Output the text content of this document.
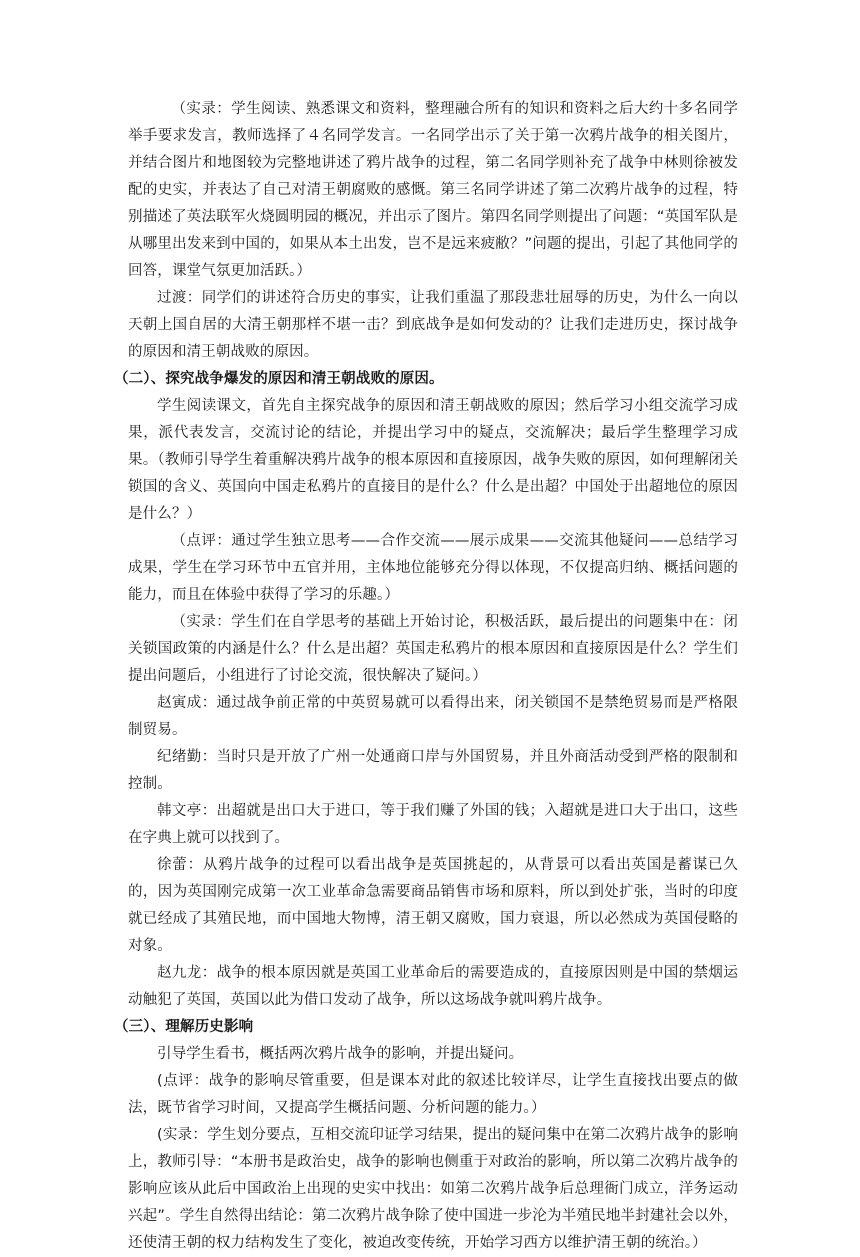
（实录：学生阅读、熟悉课文和资料，整理融合所有的知识和资料之后大约十多名同学举手要求发言，教师选择了４名同学发言。一名同学出示了关于第一次鸦片战争的相关图片，并结合图片和地图较为完整地讲述了鸦片战争的过程，第二名同学则补充了战争中林则徐被发配的史实，并表达了自己对清王朝腐败的感慨。第三名同学讲述了第二次鸦片战争的过程，特别描述了英法联军火烧圆明园的概况，并出示了图片。第四名同学则提出了问题：“英国军队是从哪里出发来到中国的，如果从本土出发，岂不是远来疲敝？”问题的提出，引起了其他同学的回答，课堂气氛更加活跃。）

过渡：同学们的讲述符合历史的事实，让我们重温了那段悲壮屈辱的历史，为什么一向以天朝上国自居的大清王朝那样不堪一击？到底战争是如何发动的？让我们走进历史，探讨战争的原因和清王朝战败的原因。

（二）、探究战争爆发的原因和清王朝战败的原因。

学生阅读课文，首先自主探究战争的原因和清王朝战败的原因；然后学习小组交流学习成果，派代表发言，交流讨论的结论，并提出学习中的疑点，交流解决；最后学生整理学习成果。（教师引导学生着重解决鸦片战争的根本原因和直接原因，战争失败的原因，如何理解闭关锁国的含义、英国向中国走私鸦片的直接目的是什么？什么是出超？中国处于出超地位的原因是什么？）

（点评：通过学生独立思考——合作交流——展示成果——交流其他疑问——总结学习成果，学生在学习环节中五官并用，主体地位能够充分得以体现，不仅提高归纳、概括问题的能力，而且在体验中获得了学习的乐趣。）

（实录：学生们在自学思考的基础上开始讨论，积极活跃，最后提出的问题集中在：闭关锁国政策的内涵是什么？什么是出超？英国走私鸦片的根本原因和直接原因是什么？学生们提出问题后，小组进行了讨论交流，很快解决了疑问。）

赵寅成：通过战争前正常的中英贸易就可以看得出来，闭关锁国不是禁绝贸易而是严格限制贸易。

纪绪勤：当时只是开放了广州一处通商口岸与外国贸易，并且外商活动受到严格的限制和控制。

韩文亭：出超就是出口大于进口，等于我们赚了外国的钱；入超就是进口大于出口，这些在字典上就可以找到了。

徐蕾：从鸦片战争的过程可以看出战争是英国挑起的，从背景可以看出英国是蓄谋已久的，因为英国刚完成第一次工业革命急需要商品销售市场和原料，所以到处扩张，当时的印度就已经成了其殖民地，而中国地大物博，清王朝又腐败，国力衰退，所以必然成为英国侵略的对象。

赵九龙：战争的根本原因就是英国工业革命后的需要造成的，直接原因则是中国的禁烟运动触犯了英国，英国以此为借口发动了战争，所以这场战争就叫鸦片战争。

（三）、理解历史影响

引导学生看书，概括两次鸦片战争的影响，并提出疑问。

(点评：战争的影响尽管重要，但是课本对此的叙述比较详尽，让学生直接找出要点的做法，既节省学习时间，又提高学生概括问题、分析问题的能力。）

(实录：学生划分要点，互相交流印证学习结果，提出的疑问集中在第二次鸦片战争的影响上，教师引导：“本册书是政治史，战争的影响也侧重于对政治的影响，所以第二次鸦片战争的影响应该从此后中国政治上出现的史实中找出：如第二次鸦片战争后总理衙门成立，洋务运动兴起”。学生自然得出结论：第二次鸦片战争除了使中国进一步沦为半殖民地半封建社会以外，还使清王朝的权力结构发生了变化，被迫改变传统，开始学习西方以维护清王朝的统治。）
